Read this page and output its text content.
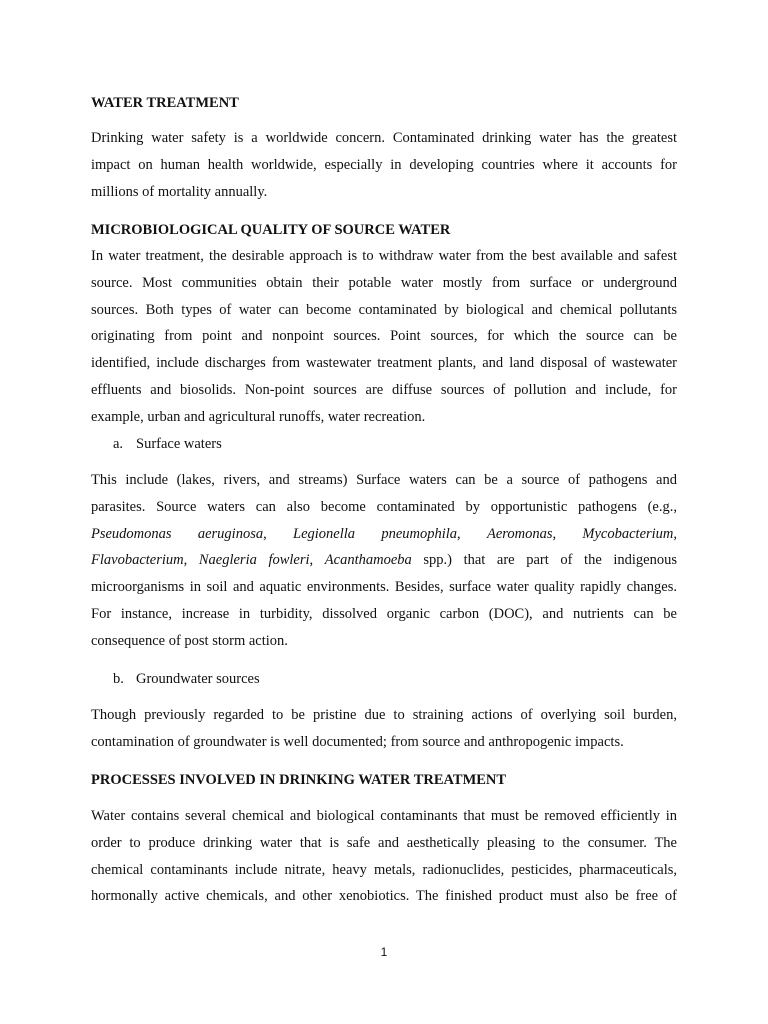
WATER TREATMENT
Drinking water safety is a worldwide concern. Contaminated drinking water has the greatest
impact on human health worldwide, especially in developing countries where it accounts for
millions of mortality annually.
MICROBIOLOGICAL QUALITY OF SOURCE WATER
In water treatment, the desirable approach is to withdraw water from the best available and safest
source. Most communities obtain their potable water mostly from surface or underground
sources. Both types of water can become contaminated by biological and chemical pollutants
originating from point and nonpoint sources. Point sources, for which the source can be
identified, include discharges from wastewater treatment plants, and land disposal of wastewater
effluents and biosolids. Non-point sources are diffuse sources of pollution and include, for
example, urban and agricultural runoffs, water recreation.
a. Surface waters
This include (lakes, rivers, and streams) Surface waters can be a source of pathogens and
parasites. Source waters can also become contaminated by opportunistic pathogens (e.g.,
Pseudomonas aeruginosa, Legionella pneumophila, Aeromonas, Mycobacterium,
Flavobacterium, Naegleria fowleri, Acanthamoeba spp.) that are part of the indigenous
microorganisms in soil and aquatic environments. Besides, surface water quality rapidly changes.
For instance, increase in turbidity, dissolved organic carbon (DOC), and nutrients can be
consequence of post storm action.
b. Groundwater sources
Though previously regarded to be pristine due to straining actions of overlying soil burden,
contamination of groundwater is well documented; from source and anthropogenic impacts.
PROCESSES INVOLVED IN DRINKING WATER TREATMENT
Water contains several chemical and biological contaminants that must be removed efficiently in
order to produce drinking water that is safe and aesthetically pleasing to the consumer. The
chemical contaminants include nitrate, heavy metals, radionuclides, pesticides, pharmaceuticals,
hormonally active chemicals, and other xenobiotics. The finished product must also be free of
1
